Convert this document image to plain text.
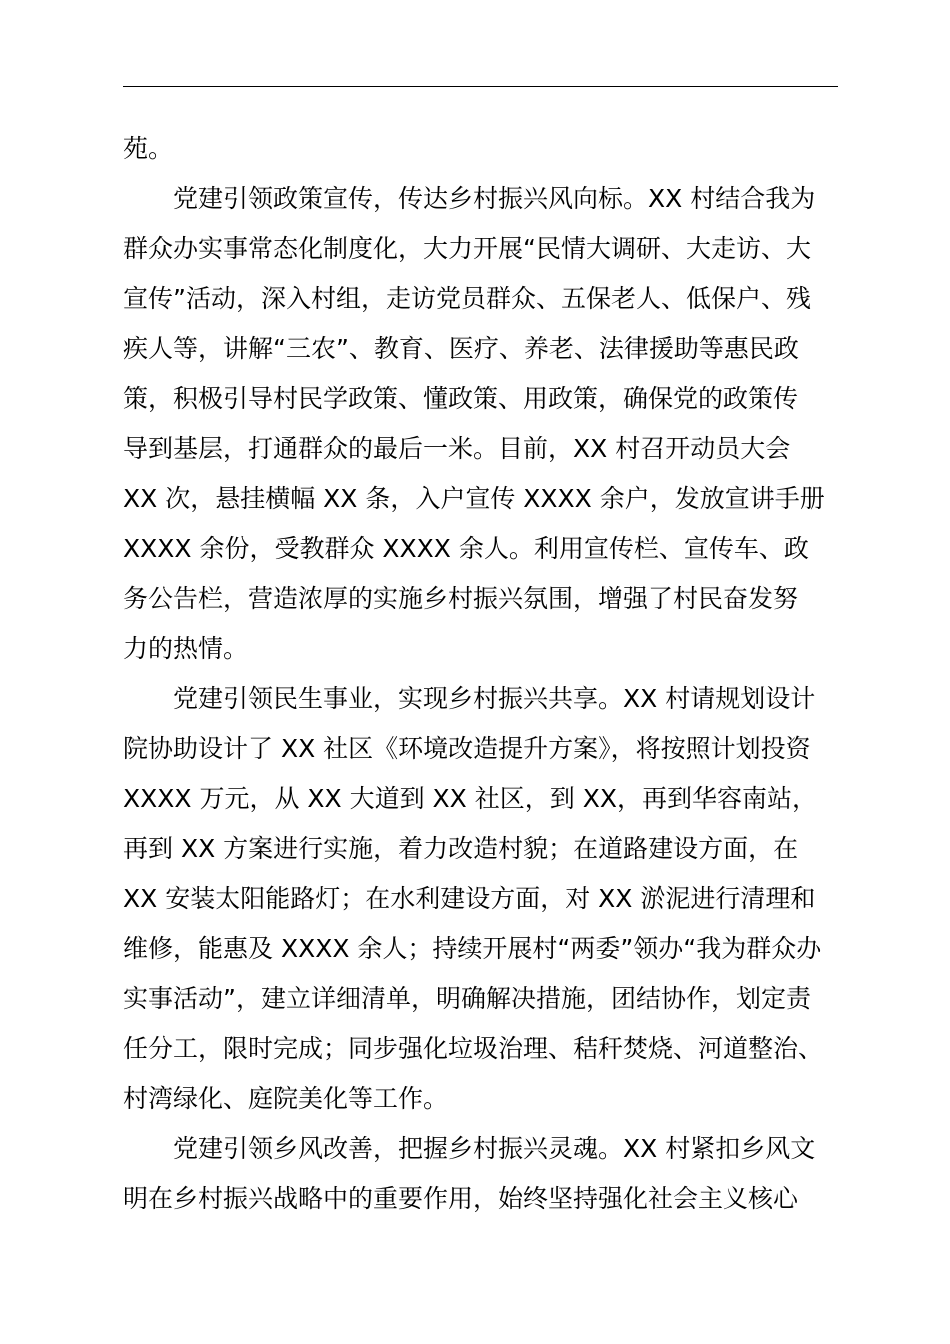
苑。
党建引领政策宣传，传达乡村振兴风向标。XX 村结合我为
群众办实事常态化制度化，大力开展“民情大调研、大走访、大
宣传”活动，深入村组，走访党员群众、五保老人、低保户、残
疾人等，讲解“三农”、教育、医疗、养老、法律援助等惠民政
策，积极引导村民学政策、懂政策、用政策，确保党的政策传
导到基层，打通群众的最后一米。目前，XX 村召开动员大会
XX 次，悬挂横幅 XX 条，入户宣传 XXXX 余户，发放宣讲手册
XXXX 余份，受教群众 XXXX 余人。利用宣传栏、宣传车、政
务公告栏，营造浓厚的实施乡村振兴氛围，增强了村民奋发努
力的热情。
党建引领民生事业，实现乡村振兴共享。XX 村请规划设计
院协助设计了 XX 社区《环境改造提升方案》，将按照计划投资
XXXX 万元，从 XX 大道到 XX 社区，到 XX，再到华容南站，
再到 XX 方案进行实施，着力改造村貌；在道路建设方面，在
XX 安装太阳能路灯；在水利建设方面，对 XX 淤泥进行清理和
维修，能惠及 XXXX 余人；持续开展村“两委”领办“我为群众办
实事活动”，建立详细清单，明确解决措施，团结协作，划定责
任分工，限时完成；同步强化垃圾治理、秸秆焚烧、河道整治、
村湾绿化、庭院美化等工作。
党建引领乡风改善，把握乡村振兴灵魂。XX 村紧扣乡风文
明在乡村振兴战略中的重要作用，始终坚持强化社会主义核心
